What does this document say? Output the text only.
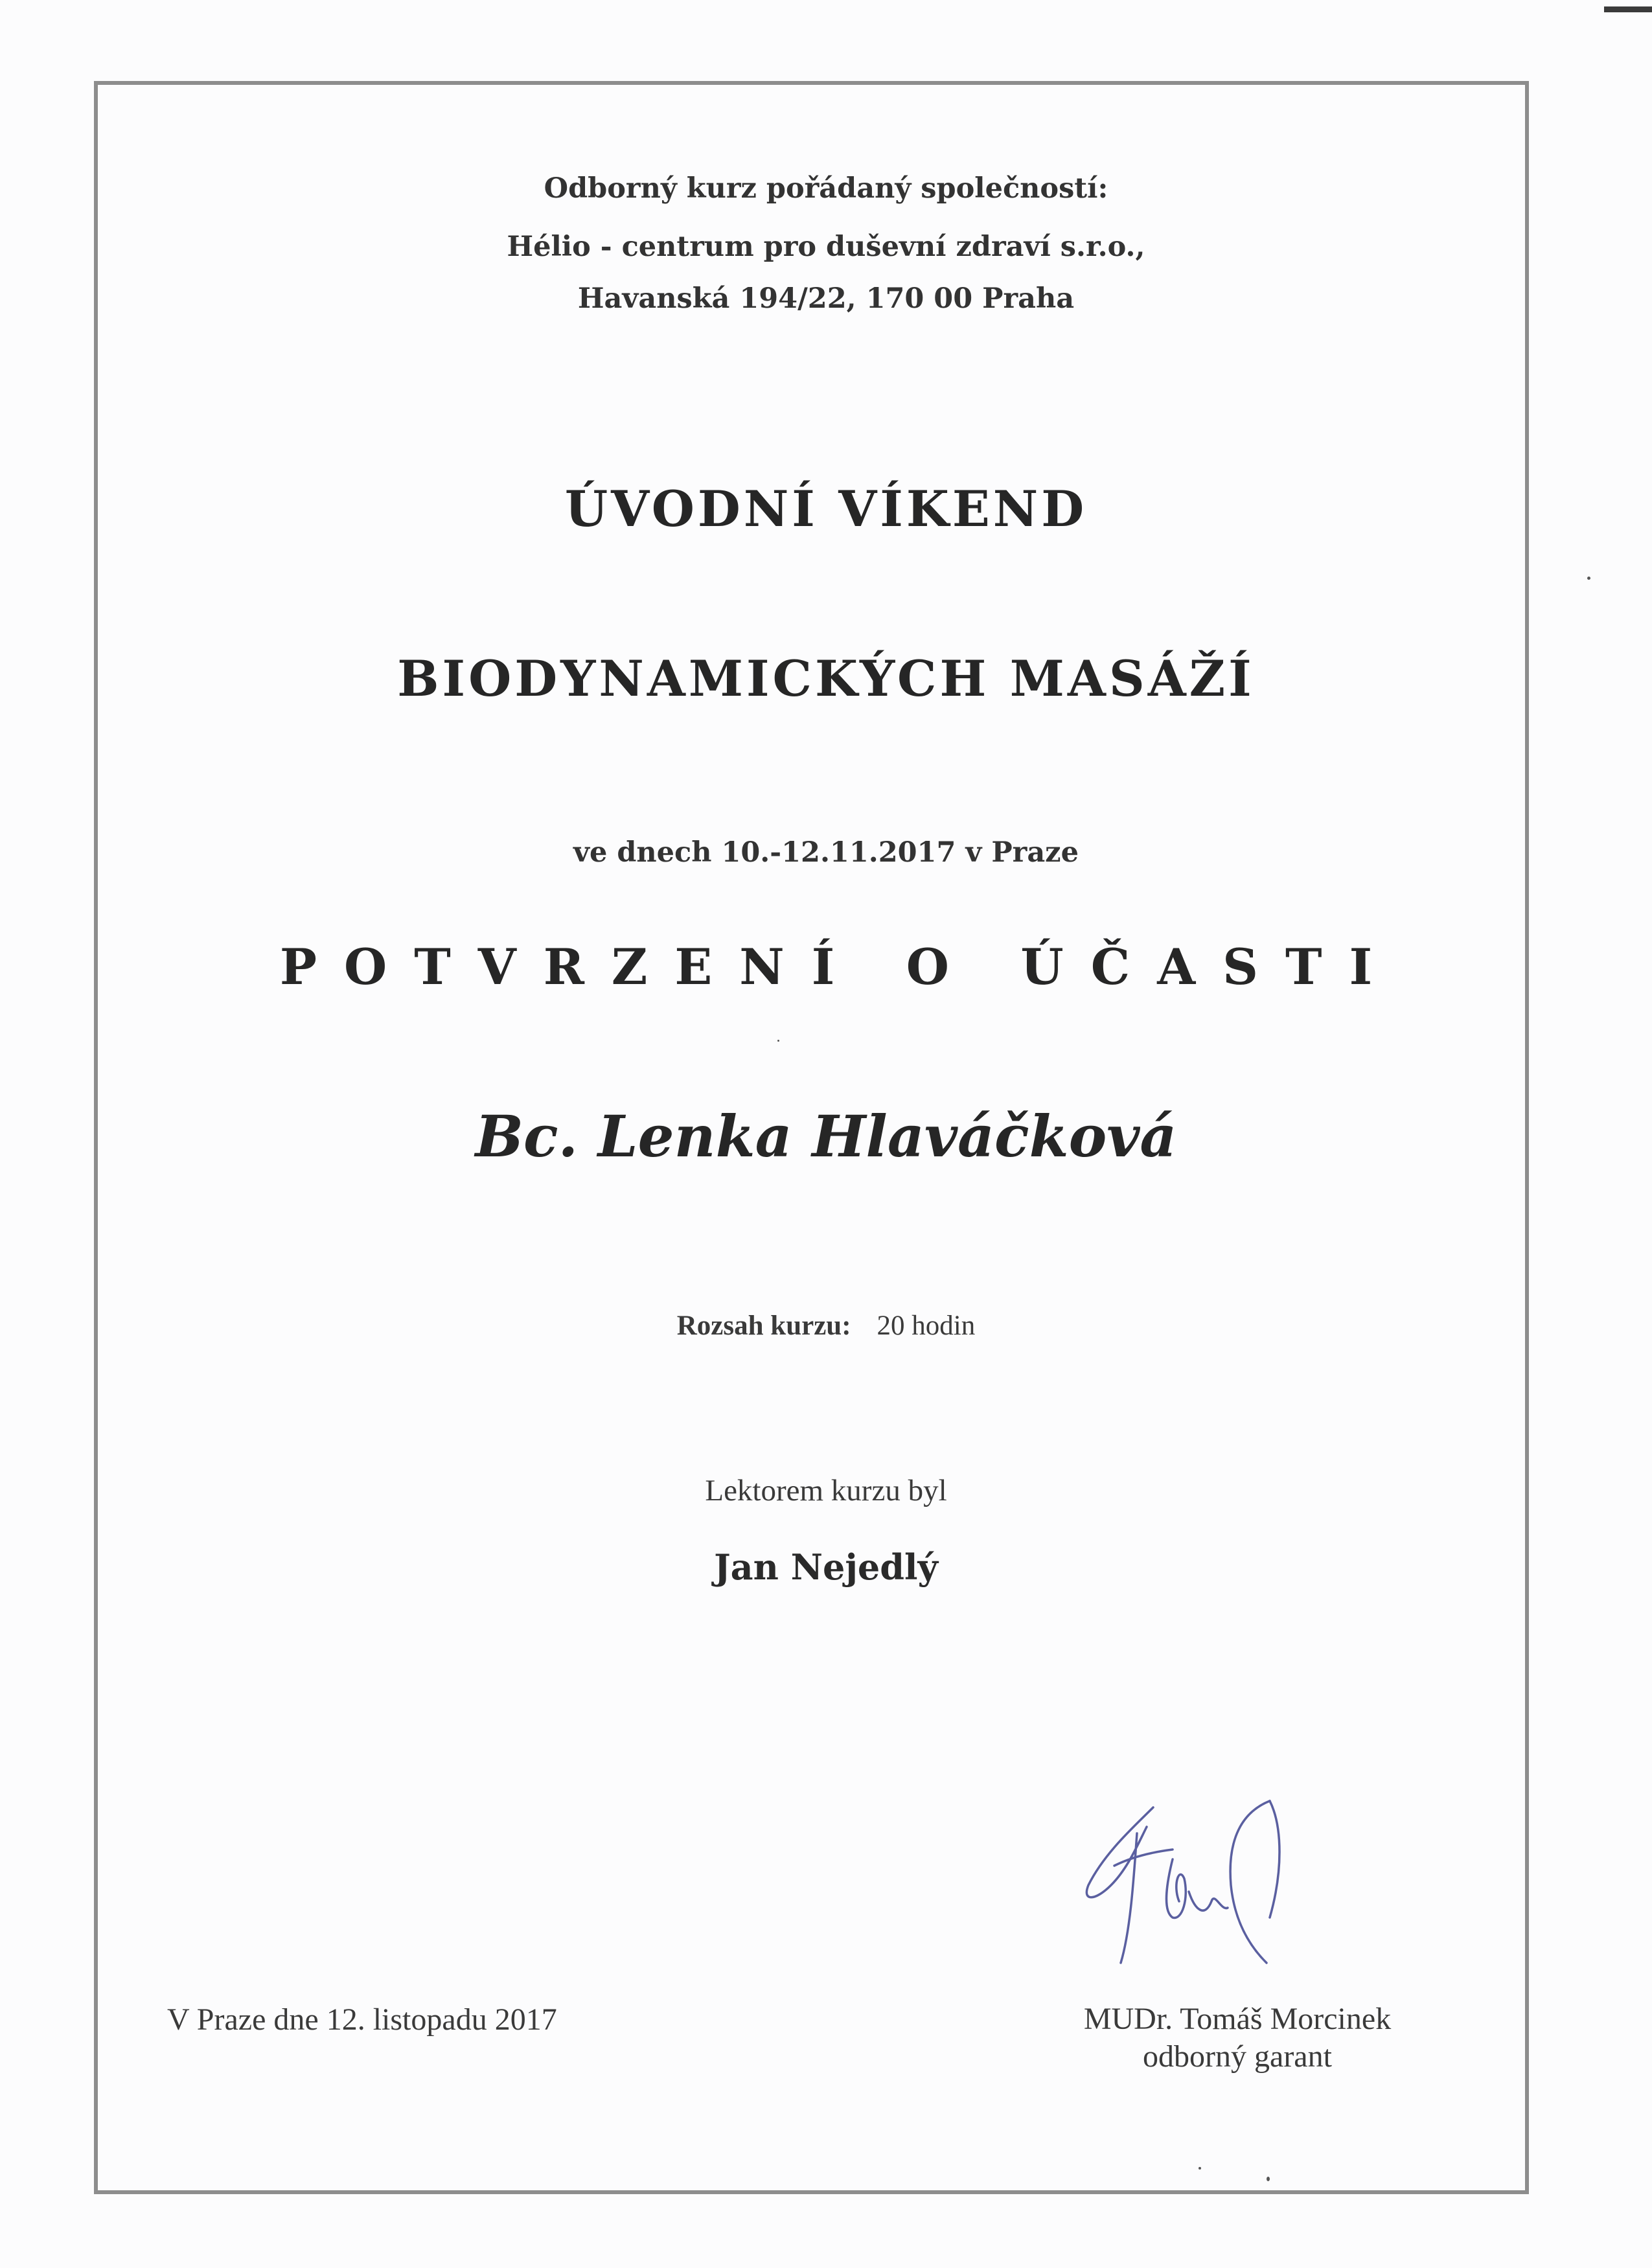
Odborný kurz pořádaný společností:
Hélio - centrum pro duševní zdraví s.r.o.,
Havanská 194/22, 170 00 Praha
ÚVODNÍ VÍKEND
BIODYNAMICKÝCH MASÁŽÍ
ve dnech 10.-12.11.2017 v Praze
POTVRZENÍ O ÚČASTI
Bc. Lenka Hlaváčková
Rozsah kurzu: 20 hodin
Lektorem kurzu byl
Jan Nejedlý
V Praze dne 12. listopadu 2017	MUDr. Tomáš Morcinek
odborný garant
